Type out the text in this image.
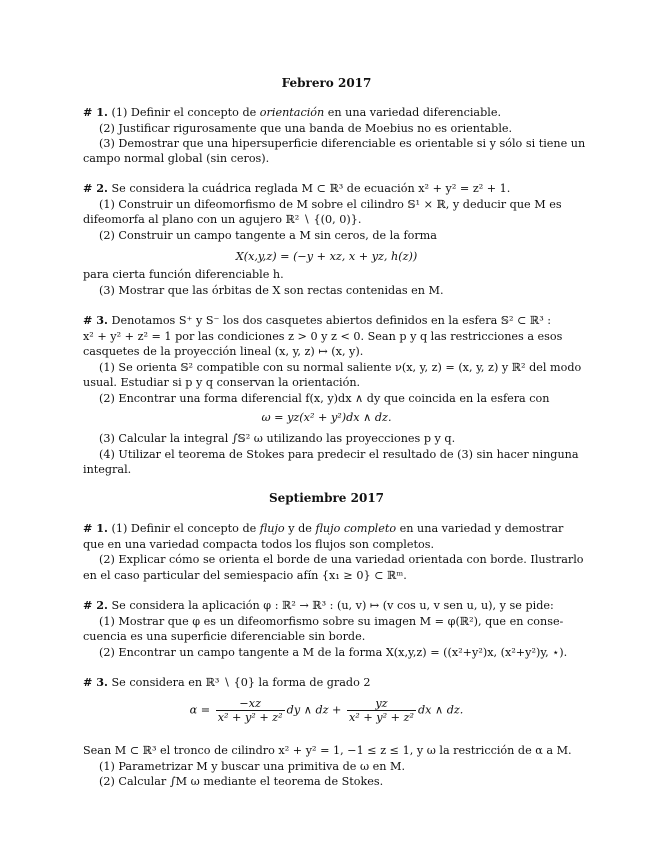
Febrero 2017
# 1. (1) Definir el concepto de orientación en una variedad diferenciable.
(2) Justificar rigurosamente que una banda de Moebius no es orientable.
(3) Demostrar que una hipersuperficie diferenciable es orientable si y sólo si tiene un
campo normal global (sin ceros).
# 2. Se considera la cuádrica reglada M ⊂ ℝ³ de ecuación x² + y² = z² + 1.
(1) Construir un difeomorfismo de M sobre el cilindro 𝕊¹ × ℝ, y deducir que M es
difeomorfa al plano con un agujero ℝ² ∖ {(0, 0)}.
(2) Construir un campo tangente a M sin ceros, de la forma
X(x,y,z) = (−y + xz, x + yz, h(z))
para cierta función diferenciable h.
(3) Mostrar que las órbitas de X son rectas contenidas en M.
# 3. Denotamos S⁺ y S⁻ los dos casquetes abiertos definidos en la esfera 𝕊² ⊂ ℝ³ :
x² + y² + z² = 1 por las condiciones z > 0 y z < 0. Sean p y q las restricciones a esos
casquetes de la proyección lineal (x, y, z) ↦ (x, y).
(1) Se orienta 𝕊² compatible con su normal saliente ν(x, y, z) = (x, y, z) y ℝ² del modo
usual. Estudiar si p y q conservan la orientación.
(2) Encontrar una forma diferencial f(x, y)dx ∧ dy que coincida en la esfera con
ω = yz(x² + y²)dx ∧ dz.
(3) Calcular la integral ∫𝕊² ω utilizando las proyecciones p y q.
(4) Utilizar el teorema de Stokes para predecir el resultado de (3) sin hacer ninguna
integral.
Septiembre 2017
# 1. (1) Definir el concepto de flujo y de flujo completo en una variedad y demostrar
que en una variedad compacta todos los flujos son completos.
(2) Explicar cómo se orienta el borde de una variedad orientada con borde. Ilustrarlo
en el caso particular del semiespacio afín {x₁ ≥ 0} ⊂ ℝᵐ.
# 2. Se considera la aplicación φ : ℝ² → ℝ³ : (u, v) ↦ (v cos u, v sen u, u), y se pide:
(1) Mostrar que φ es un difeomorfismo sobre su imagen M = φ(ℝ²), que en conse-
cuencia es una superficie diferenciable sin borde.
(2) Encontrar un campo tangente a M de la forma X(x,y,z) = ((x²+y²)x, (x²+y²)y, ⋆).
# 3. Se considera en ℝ³ ∖ {0} la forma de grado 2
$\alpha = \frac{-xz}{\text{x² + y² + z²}}$ dy ∧ dz + $\frac{yz}{\text{x² + y² + z²}}$ dx ∧ dz.
Sean M ⊂ ℝ³ el tronco de cilindro x² + y² = 1, −1 ≤ z ≤ 1, y ω la restricción de α a M.
(1) Parametrizar M y buscar una primitiva de ω en M.
(2) Calcular ∫M ω mediante el teorema de Stokes.
